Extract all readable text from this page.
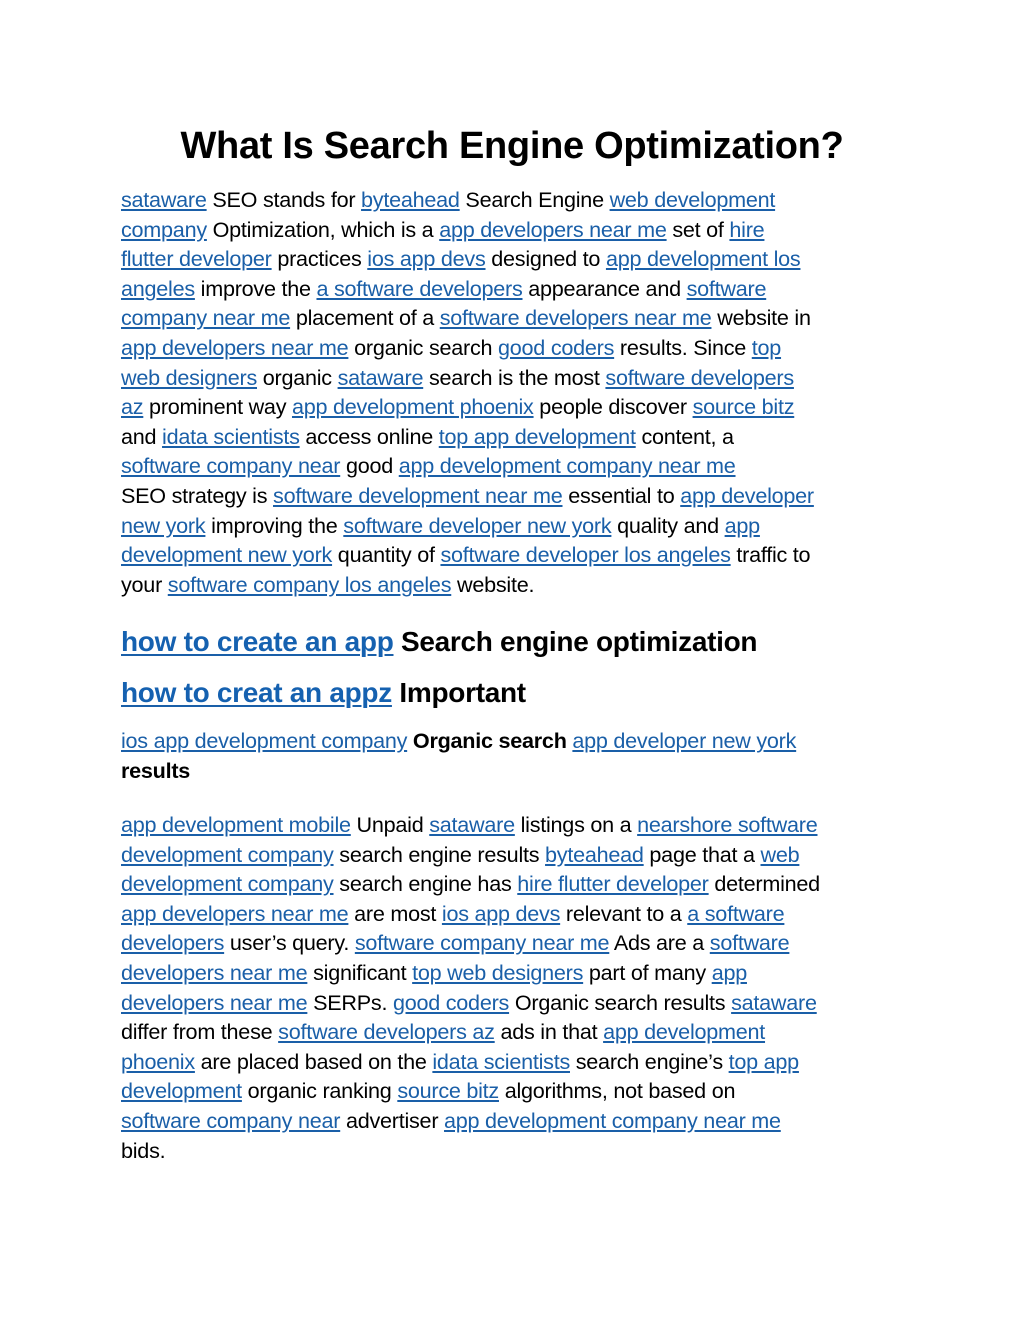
What Is Search Engine Optimization?
sataware SEO stands for byteahead Search Engine web development
company Optimization, which is a app developers near me set of hire
flutter developer practices ios app devs designed to app development los
angeles improve the a software developers appearance and software
company near me placement of a software developers near me website in
app developers near me organic search good coders results. Since top
web designers organic sataware search is the most software developers
az prominent way app development phoenix people discover source bitz
and idata scientists access online top app development content, a
software company near good app development company near me
SEO strategy is software development near me essential to app developer
new york improving the software developer new york quality and app
development new york quantity of software developer los angeles traffic to
your software company los angeles website.
how to create an app Search engine optimization
how to creat an appz Important
ios app development company Organic search app developer new york
results
app development mobile Unpaid sataware listings on a nearshore software
development company search engine results byteahead page that a web
development company search engine has hire flutter developer determined
app developers near me are most ios app devs relevant to a a software
developers user’s query. software company near me Ads are a software
developers near me significant top web designers part of many app
developers near me SERPs. good coders Organic search results sataware
differ from these software developers az ads in that app development
phoenix are placed based on the idata scientists search engine’s top app
development organic ranking source bitz algorithms, not based on
software company near advertiser app development company near me
bids.
